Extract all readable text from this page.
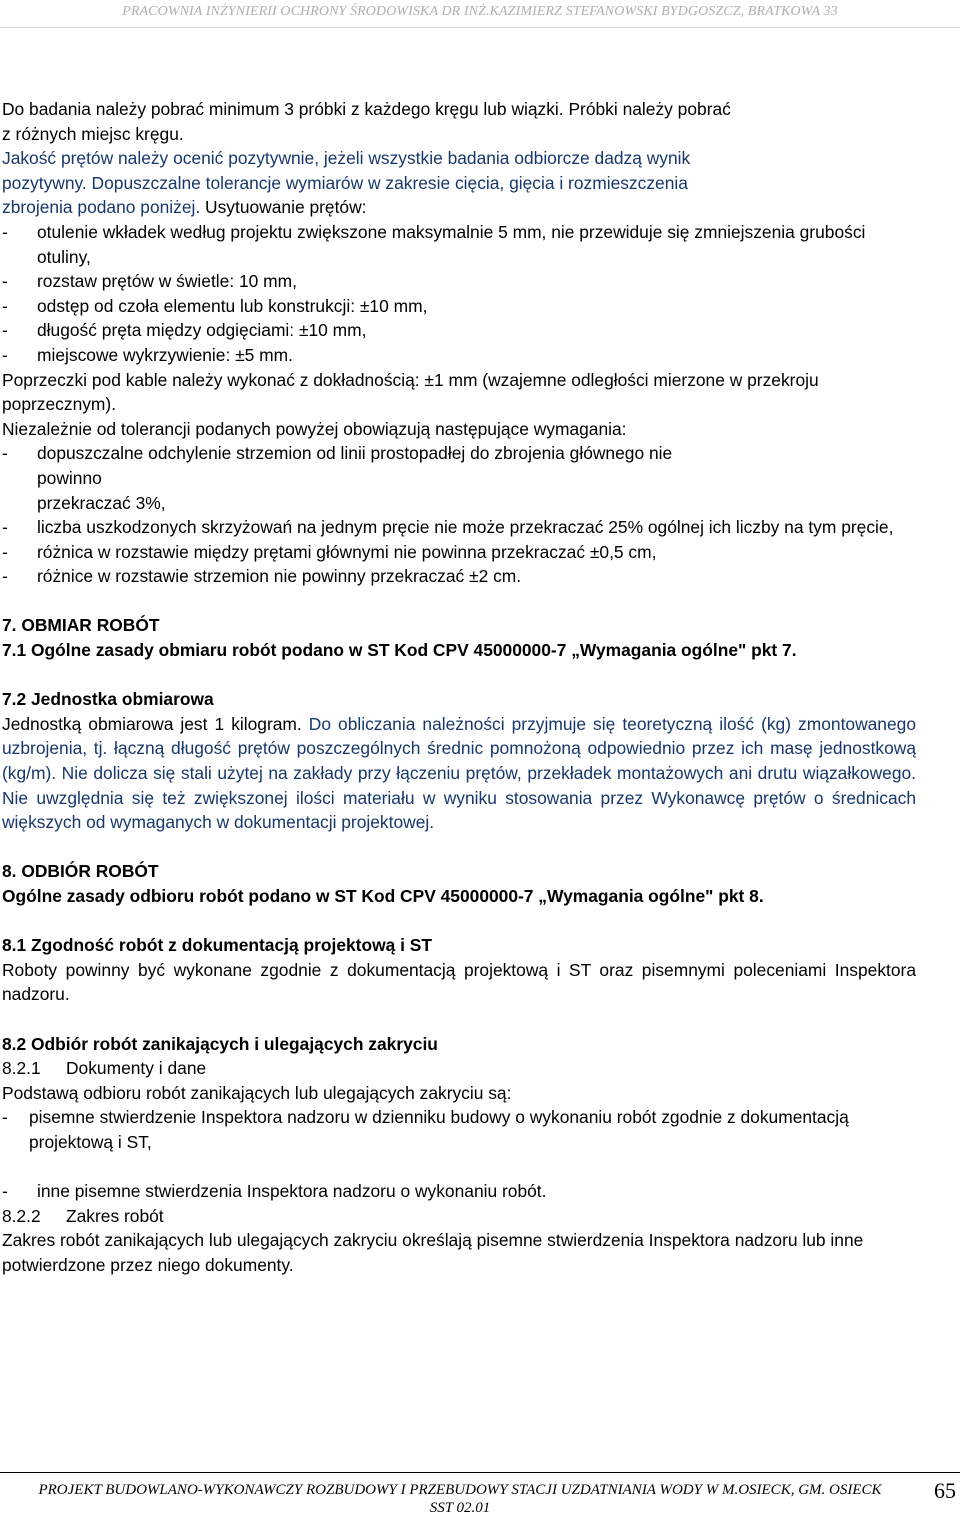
PRACOWNIA INŻYNIERII OCHRONY ŚRODOWISKA DR INŻ.KAZIMIERZ STEFANOWSKI BYDGOSZCZ, BRATKOWA 33

Do badania należy pobrać minimum 3 próbki z każdego kręgu lub wiązki. Próbki należy pobrać

z różnych miejsc kręgu.

Jakość prętów należy ocenić pozytywnie, jeżeli wszystkie badania odbiorcze dadzą wynik

pozytywny. Dopuszczalne tolerancje wymiarów w zakresie cięcia, gięcia i rozmieszczenia

zbrojenia podano poniżej. Usytuowanie prętów:

- otulenie wkładek według projektu zwiększone maksymalnie 5 mm, nie przewiduje się zmniejszenia grubości otuliny,

- rozstaw prętów w świetle: 10 mm,

- odstęp od czoła elementu lub konstrukcji: ±10 mm,

- długość pręta między odgięciami: ±10 mm,

- miejscowe wykrzywienie: ±5 mm.

Poprzeczki pod kable należy wykonać z dokładnością: ±1 mm (wzajemne odległości mierzone w przekroju poprzecznym).

Niezależnie od tolerancji podanych powyżej obowiązują następujące wymagania:

- dopuszczalne odchylenie strzemion od linii prostopadłej do zbrojenia głównego nie

powinno

przekraczać 3%,

- liczba uszkodzonych skrzyżowań na jednym pręcie nie może przekraczać 25% ogólnej ich liczby na tym pręcie,

- różnica w rozstawie między prętami głównymi nie powinna przekraczać ±0,5 cm,

- różnice w rozstawie strzemion nie powinny przekraczać ±2 cm.

7. OBMIAR ROBÓT

7.1 Ogólne zasady obmiaru robót podano w ST Kod CPV 45000000-7 „Wymagania ogólne" pkt 7.

7.2 Jednostka obmiarowa

Jednostką obmiarowa jest 1 kilogram. Do obliczania należności przyjmuje się teoretyczną ilość (kg) zmontowanego uzbrojenia, tj. łączną długość prętów poszczególnych średnic pomnożoną odpowiednio przez ich masę jednostkową (kg/m). Nie dolicza się stali użytej na zakłady przy łączeniu prętów, przekładek montażowych ani drutu wiązałkowego. Nie uwzględnia się też zwiększonej ilości materiału w wyniku stosowania przez Wykonawcę prętów o średnicach większych od wymaganych w dokumentacji projektowej.

8. ODBIÓR ROBÓT

Ogólne zasady odbioru robót podano w ST Kod CPV 45000000-7 „Wymagania ogólne" pkt 8.

8.1 Zgodność robót z dokumentacją projektową i ST

Roboty powinny być wykonane zgodnie z dokumentacją projektową i ST oraz pisemnymi poleceniami Inspektora nadzoru.

8.2 Odbiór robót zanikających i ulegających zakryciu

8.2.1 Dokumenty i dane

Podstawą odbioru robót zanikających lub ulegających zakryciu są:

- pisemne stwierdzenie Inspektora nadzoru w dzienniku budowy o wykonaniu robót zgodnie z dokumentacją projektową i ST,

- inne pisemne stwierdzenia Inspektora nadzoru o wykonaniu robót.

8.2.2 Zakres robót

Zakres robót zanikających lub ulegających zakryciu określają pisemne stwierdzenia Inspektora nadzoru lub inne potwierdzone przez niego dokumenty.

PROJEKT BUDOWLANO-WYKONAWCZY ROZBUDOWY I PRZEBUDOWY STACJI UZDATNIANIA WODY W M.OSIECK, GM. OSIECK
SST 02.01
65
